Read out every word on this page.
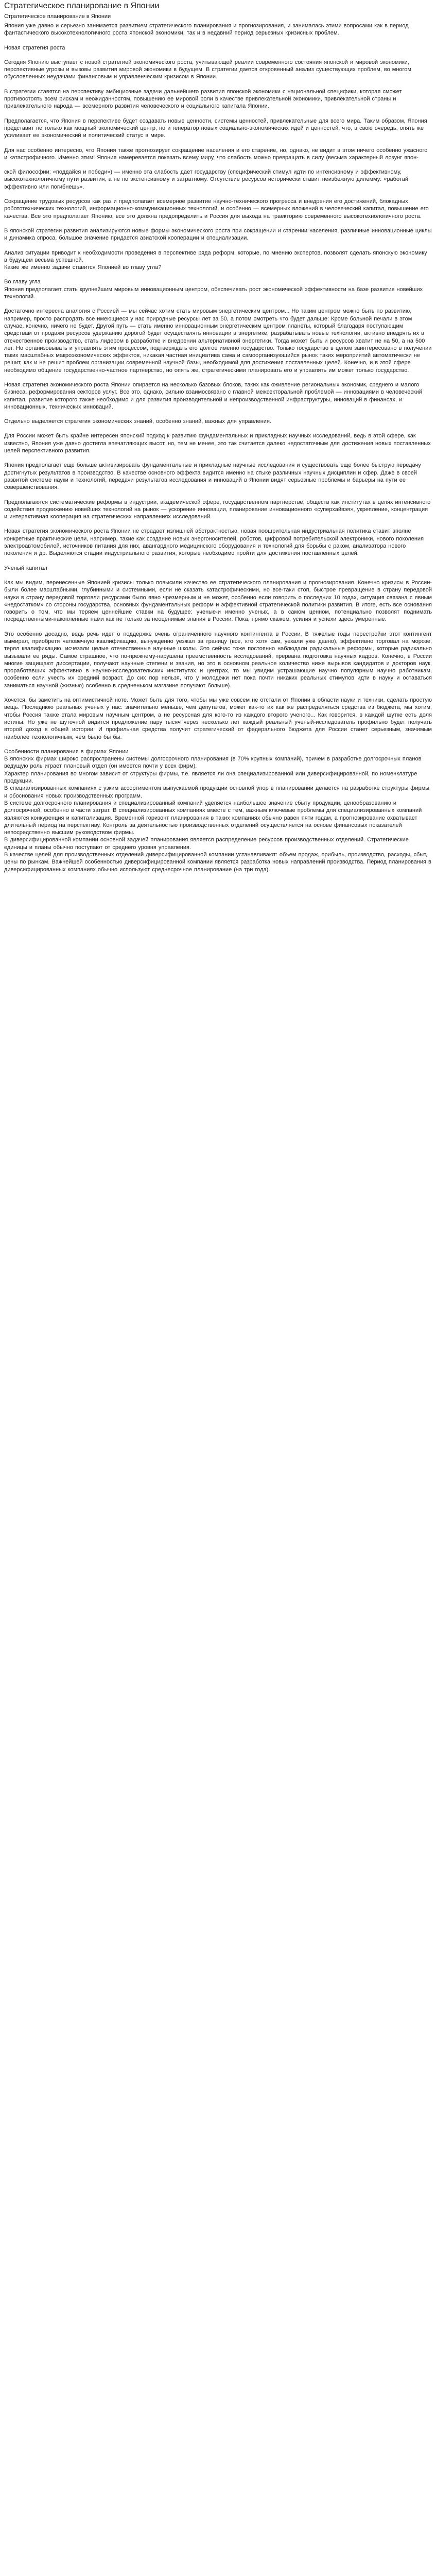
Стратегическое планирование в Японии
Стратегическое планирование в Японии

Япония уже давно и серьезно занимается развитием стратегического планирования и прогнозирования, и занималась этими вопросами как в период фантастического высокотехнологичного роста японской экономики, так и в недавний период серьезных кризисных проблем.

Новая стратегия роста

Сегодня Японию выступает с новой стратегией экономического роста, учитывающей реалии современного состояния японской и мировой экономики, перспективные угрозы и вызовы развития мировой экономики в будущем. В стратегии дается откровенный анализ существующих проблем, во многом обусловленных неудачами финансовым и управленческим кризисом в Японии.

В стратегии ставятся на перспективу амбициозные задачи дальнейшего развития японской экономики с национальной специфики, которая сможет противостоять всем рискам и неожиданностям, повышению ее мировой роли в качестве привлекательной экономики, привлекательной страны и привлекательного народа — всемерного развития человеческого и социального капитала Японии.

Предполагается, что Япония в перспективе будет создавать новые ценности, системы ценностей, привлекательные для всего мира. Таким образом, Япония представит не только как мощный экономический центр, но и генератор новых социально-экономических идей и ценностей, что, в свою очередь, опять же усиливает ее экономический и политический статус в мире.

Для нас особенно интересно, что Япония также прогнозирует сокращение населения и его старение, но, однако, не видит в этом ничего особенно ужасного и катастрофичного. Именно этим! Япония намеревается показать всему миру, что слабость можно превращать в силу (весьма характерный лозунг япон-

ской философии: «поддайся и победи») — именно эта слабость дает государству (специфический стимул идти по интенсивному и эффективному, высокотехнологичному пути развития, а не по экстенсивному и затратному. Отсутствие ресурсов исторически ставит неизбежную дилемму: «работай эффективно или погибнешь».

Сокращение трудовых ресурсов как раз и предполагает всемерное развитие научно-технического прогресса и внедрения его достижений, блокадных робототехнических технологий, информационно-коммуникационных технологий, и особенно — всемерных вложений в человеческий капитал, повышение его качества. Все это предполагает Японию, все это должна предопределить и Россия для выхода на траекторию современного высокотехнологичного роста.

В японской стратегии развития анализируются новые формы экономического роста при сокращении и старении населения, различные инновационные циклы и динамика спроса, большое значение придается азиатской кооперации и специализации.

Анализ ситуации приводит к необходимости проведения в перспективе ряда реформ, которые, по мнению экспертов, позволят сделать японскую экономику в будущем весьма успешной.

Какие же именно задачи ставится Японией во главу угла?

Во главу угла

Япония предполагает стать крупнейшим мировым инновационным центром, обеспечивать рост экономической эффективности на базе развития новейших технологий.

Достаточно интересна аналогия с Россией — мы сейчас хотим стать мировым энергетическим центром... Но таким центром можно быть по развитию, например, просто распродать все имеющиеся у нас природные ресурсы лет за 50, а потом смотреть что будет дальше: Кроме больной печали в этом случае, конечно, ничего не будет. Другой путь — стать именно инновационным энергетическим центром планеты, который благодаря поступающим средствам от продажи ресурсов удержанию дорогой будет осуществлять инновации в энергетике, разрабатывать новые технологии, активно внедрять их в отечественное производство, стать лидером в разработке и внедрении альтернативной энергетики. Тогда может быть и ресурсов хватит не на 50, а на 500 лет. Но организовывать и управлять этим процессом, подтверждать его долгое именно государство. Только государство в целом заинтересовано в получении таких масштабных макроэкономических эффектов, никакая частная инициатива сама и самоорганизующийся рынок таких мероприятий автоматически не решит, как и не решит проблем организации современной научной базы, необходимой для достижения поставленных целей. Конечно, и в этой сфере необходимо общение государственно-частное партнерство, но опять же, стратегическими планировать его и управлять им может только государство.

Новая стратегия экономического роста Японии опирается на несколько базовых блоков, таких как оживление региональных экономик, среднего и малого бизнеса, реформирования секторов услуг. Все это, однако, сильно взаимосвязано с главной межсекторальной проблемой — инновациями в человеческий капитал, развитие которого также необходимо и для развития производительной и непроизводственной инфраструктуры, инноваций в финансах, и инновационных, технических инноваций.

Отдельно выделяется стратегия экономических знаний, особенно знаний, важных для управления.

Для России может быть крайне интересен японский подход к развитию фундаментальных и прикладных научных исследований, ведь в этой сфере, как известно, Япония уже давно достигла впечатляющих высот, но, тем не менее, это так считается далеко недостаточным для достижения новых поставленных целей перспективного развития.

Япония предполагает еще больше активизировать фундаментальные и прикладные научные исследования и существовать еще более быструю передачу достигнутых результатов в производство. В качестве основного эффекта видится именно на стыке различных научных дисциплин и сфер. Даже в своей развитой системе науки и технологий, передачи результатов исследования и инноваций в Японии видят серьезные проблемы и барьеры на пути ее совершенствования.

Предполагаются систематические реформы в индустрии, академической сфере, государственном партнерстве, обществ как институтах в целях интенсивного содействия продвижению новейших технологий на рынок — ускорение инновации, планирование инновационного «суперхайвэя», укрепление, концентрация и интерактивная кооперация на стратегических направлениях исследований.

Новая стратегия экономического роста Японии не страдает излишней абстрактностью, новая поощрительная индустриальная политика ставит вполне конкретные практические цели, например, такие как создание новых энергоносителей, роботов, цифровой потребительской электроники, нового поколения электроавтомобилей, источников питания для них, авангардного медицинского оборудования и технологий для борьбы с раком, анализатора нового поколения и др. Выделяются стадии индустриального развития, которые необходимо пройти для достижения поставленных целей.

Ученый капитал

Как мы видим, перенесенные Японией кризисы только повысили качество ее стратегического планирования и прогнозирования. Конечно кризисы в России-были более масштабными, глубинными и системными, если не сказать катастрофическими, но все-таки стоп, быстрое превращение в страну передовой науки в страну передовой торговли ресурсами было явно чрезмерным и не может, особенно если говорить о последних 10 годах, ситуация связана с явным «недостатком» со стороны государства, основных фундаментальных реформ и эффективной стратегической политики развития. В итоге, есть все основания говорить о том, что мы теряем ценнейшие ставки на будущее: ученые-и именно ученых, а в самом ценном, потенциально позволят поднимать посредственными-накопленные нами как не только за неоценимые знания в России. Пока, прямо скажем, усилия и успехи здесь умеренные.

Это особенно досадно, ведь речь идет о поддержке очень ограниченного научного контингента в России. В тяжелые годы перестройки этот контингент вымирал, приобретя человечную квалификацию, вынужденно уезжал за границу (все, кто хотя сам, уехали уже давно), эффективно торговал на морозе, терял квалификацию, исчезали целые отечественные научные школы. Это сейчас тоже постоянно наблюдали радикальные реформы, которые радикально вызывали ее ряды. Самое страшное, что по-прежнему-нарушена преемственность исследований, прервана подготовка научных кадров. Конечно, в России многие защищают диссертации, получают научные степени и звания, но это в основном реальное количество ниже вырывов кандидатов и докторов наук, проработавших эффективно в научно-исследовательских институтах и центрах, то мы увидим устрашающие научно популярным научно работникам, особенно если учесть их средний возраст. До сих пор нельзя, что у молодежи нет пока почти никаких реальных стимулов идти в науку и оставаться заниматься научной (жизнью) особенно в средненьком магазине получают больше).

Хочется, бы заметить на оптимистичной ноте. Может быть для того, чтобы мы уже совсем не отстали от Японии в области науки и техники, сделать простую вещь. Последнюю реальных ученых у нас: значительно меньше, чем депутатов, может как-то их как же распределяться средства из бюджета, мы хотим, чтобы Россия также стала мировым научным центром, а не ресурсная для кого-то из каждого второго ученого... Как говорится, в каждой шутке есть доля истины. Но уже не шуточной видится предложение пару тысяч через несколько лет каждый реальный ученый-исследователь профильно будет получать второй доход в общей истории. И профильная средства получит стратегический от федерального бюджета для России станет серьезным, значимым наиболее технологичным, чем было бы бы.

Особенности планирования в фирмах Японии

В японских фирмах широко распространены системы долгосрочного планирования (в 70% крупных компаний), причем в разработке долгосрочных планов ведущую роль играет плановый отдел (он имеется почти у всех фирм).

Характер планирования во многом зависит от структуры фирмы, т.е. является ли она специализированной или диверсифицированной, по номенклатуре продукции.

В специализированных компаниях с узким ассортиментом выпускаемой продукции основной упор в планировании делается на разработке структуры фирмы и обоснования новых производственных программ.

В системе долгосрочного планирования и специализированный компаний уделяется наибольшее значение сбыту продукции, ценообразованию и долгосрочной, особенно в части затрат. В специализированных компаниях вместе с тем, важным ключевые проблемы для специализированных компаний являются конкуренция и капитализация. Временной горизонт планирования в таких компаниях обычно равен пяти годам, а прогнозирование охватывает длительный период на перспективу. Контроль за деятельностью производственных отделений осуществляется на основе финансовых показателей непосредственно высшим руководством фирмы.

В диверсифицированной компании основной задачей планирования является распределение ресурсов производственных отделений. Стратегические единицы и планы обычно поступают от среднего уровня управления.

В качестве целей для производственных отделений диверсифицированной компании устанавливают: объем продаж, прибыль, производство, расходы, сбыт, цены по рынкам. Важнейшей особенностью диверсифицированной компании является разработка новых направлений производства. Период планирования в диверсифицированных компаниях обычно используют среднесрочное планирование (на три года).
